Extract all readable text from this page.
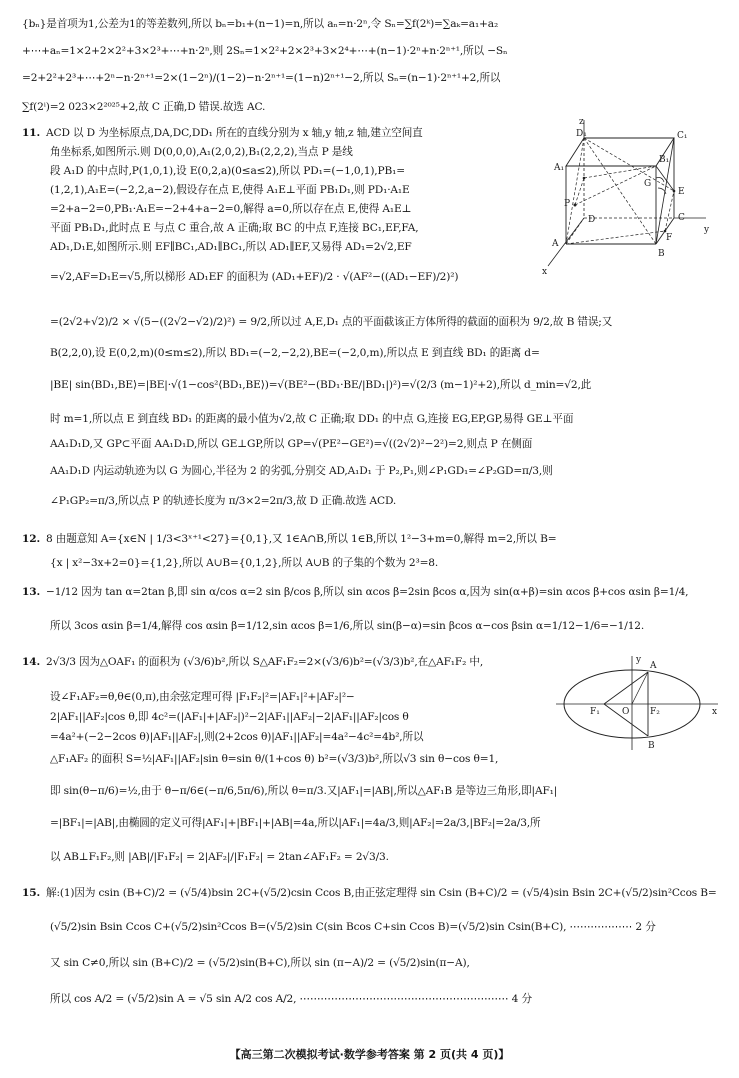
{bₙ}是首项为1,公差为1的等差数列,所以 bₙ=b₁+(n−1)=n,所以 aₙ=n·2ⁿ,令 Sₙ=∑f(2ᵏ)=∑aₖ=a₁+a₂
+⋯+aₙ=1×2+2×2²+3×2³+⋯+n·2ⁿ,则 2Sₙ=1×2²+2×2³+3×2⁴+⋯+(n−1)·2ⁿ+n·2ⁿ⁺¹,所以 −Sₙ
=2+2²+2³+⋯+2ⁿ−n·2ⁿ⁺¹=2×(1−2ⁿ)/(1−2)−n·2ⁿ⁺¹=(1−n)2ⁿ⁺¹−2,所以 Sₙ=(n−1)·2ⁿ⁺¹+2,所以
∑f(2ⁱ)=2 023×2²⁰²⁵+2,故 C 正确,D 错误.故选 AC.
11. ACD 以 D 为坐标原点,DA,DC,DD₁ 所在的直线分别为 x 轴,y 轴,z 轴,建立空间直
角坐标系,如图所示.则 D(0,0,0),A₁(2,0,2),B₁(2,2,2),当点 P 是线
段 A₁D 的中点时,P(1,0,1),设 E(0,2,a)(0≤a≤2),所以 PD₁=(−1,0,1),PB₁=
(1,2,1),A₁E=(−2,2,a−2),假设存在点 E,使得 A₁E⊥平面 PB₁D₁,则 PD₁·A₁E
=2+a−2=0,PB₁·A₁E=−2+4+a−2=0,解得 a=0,所以存在点 E,使得 A₁E⊥
平面 PB₁D₁,此时点 E 与点 C 重合,故 A 正确;取 BC 的中点 F,连接 BC₁,EF,FA,
AD₁,D₁E,如图所示.则 EF∥BC₁,AD₁∥BC₁,所以 AD₁∥EF,又易得 AD₁=2√2,EF
=√2,AF=D₁E=√5,所以梯形 AD₁EF 的面积为 (AD₁+EF)/2 · √(AF²−((AD₁−EF)/2)²)
=(2√2+√2)/2 × √(5−((2√2−√2)/2)²) = 9/2,所以过 A,E,D₁ 点的平面截该正方体所得的截面的面积为 9/2,故 B 错误;又
B(2,2,0),设 E(0,2,m)(0≤m≤2),所以 BD₁=(−2,−2,2),BE=(−2,0,m),所以点 E 到直线 BD₁ 的距离 d=
|BE| sin⟨BD₁,BE⟩=|BE|·√(1−cos²⟨BD₁,BE⟩)=√(BE²−(BD₁·BE/|BD₁|)²)=√(2/3 (m−1)²+2),所以 d_min=√2,此
时 m=1,所以点 E 到直线 BD₁ 的距离的最小值为√2,故 C 正确;取 DD₁ 的中点 G,连接 EG,EP,GP,易得 GE⊥平面
AA₁D₁D,又 GP⊂平面 AA₁D₁D,所以 GE⊥GP,所以 GP=√(PE²−GE²)=√((2√2)²−2²)=2,则点 P 在侧面
AA₁D₁D 内运动轨迹为以 G 为圆心,半径为 2 的劣弧,分别交 AD,A₁D₁ 于 P₂,P₁,则∠P₁GD₁=∠P₂GD=π/3,则
∠P₁GP₂=π/3,所以点 P 的轨迹长度为 π/3×2=2π/3,故 D 正确.故选 ACD.
12. 8 由题意知 A={x∈N | 1/3<3ˣ⁺¹<27}={0,1},又 1∈A∩B,所以 1∈B,所以 1²−3+m=0,解得 m=2,所以 B=
{x | x²−3x+2=0}={1,2},所以 A∪B={0,1,2},所以 A∪B 的子集的个数为 2³=8.
13. −1/12 因为 tan α=2tan β,即 sin α/cos α=2 sin β/cos β,所以 sin αcos β=2sin βcos α,因为 sin(α+β)=sin αcos β+cos αsin β=1/4,
所以 3cos αsin β=1/4,解得 cos αsin β=1/12,sin αcos β=1/6,所以 sin(β−α)=sin βcos α−cos βsin α=1/12−1/6=−1/12.
14. 2√3/3 因为△OAF₁ 的面积为 (√3/6)b²,所以 S△AF₁F₂=2×(√3/6)b²=(√3/3)b²,在△AF₁F₂ 中,
设∠F₁AF₂=θ,θ∈(0,π),由余弦定理可得 |F₁F₂|²=|AF₁|²+|AF₂|²−
2|AF₁||AF₂|cos θ,即 4c²=(|AF₁|+|AF₂|)²−2|AF₁||AF₂|−2|AF₁||AF₂|cos θ
=4a²+(−2−2cos θ)|AF₁||AF₂|,则(2+2cos θ)|AF₁||AF₂|=4a²−4c²=4b²,所以
△F₁AF₂ 的面积 S=½|AF₁||AF₂|sin θ=sin θ/(1+cos θ) b²=(√3/3)b²,所以√3 sin θ−cos θ=1,
即 sin(θ−π/6)=½,由于 θ−π/6∈(−π/6,5π/6),所以 θ=π/3.又|AF₁|=|AB|,所以△AF₁B 是等边三角形,即|AF₁|
=|BF₁|=|AB|,由椭圆的定义可得|AF₁|+|BF₁|+|AB|=4a,所以|AF₁|=4a/3,则|AF₂|=2a/3,|BF₂|=2a/3,所
以 AB⊥F₁F₂,则 |AB|/|F₁F₂| = 2|AF₂|/|F₁F₂| = 2tan∠AF₁F₂ = 2√3/3.
15. 解:(1)因为 csin (B+C)/2 = (√5/4)bsin 2C+(√5/2)csin Ccos B,由正弦定理得 sin Csin (B+C)/2 = (√5/4)sin Bsin 2C+(√5/2)sin²Ccos B=
(√5/2)sin Bsin Ccos C+(√5/2)sin²Ccos B=(√5/2)sin C(sin Bcos C+sin Ccos B)=(√5/2)sin Csin(B+C), ⋯⋯⋯⋯⋯⋯ 2 分
又 sin C≠0,所以 sin (B+C)/2 = (√5/2)sin(B+C),所以 sin (π−A)/2 = (√5/2)sin(π−A),
所以 cos A/2 = (√5/2)sin A = √5 sin A/2 cos A/2, ⋯⋯⋯⋯⋯⋯⋯⋯⋯⋯⋯⋯⋯⋯⋯⋯⋯⋯⋯⋯ 4 分
z
y
x
D₁	C₁
A₁
B₁
P
G
E
D	C
A
F
B
y
x
A
B
F₁	F₂
O
【高三第二次模拟考试·数学参考答案 第 2 页(共 4 页)】
